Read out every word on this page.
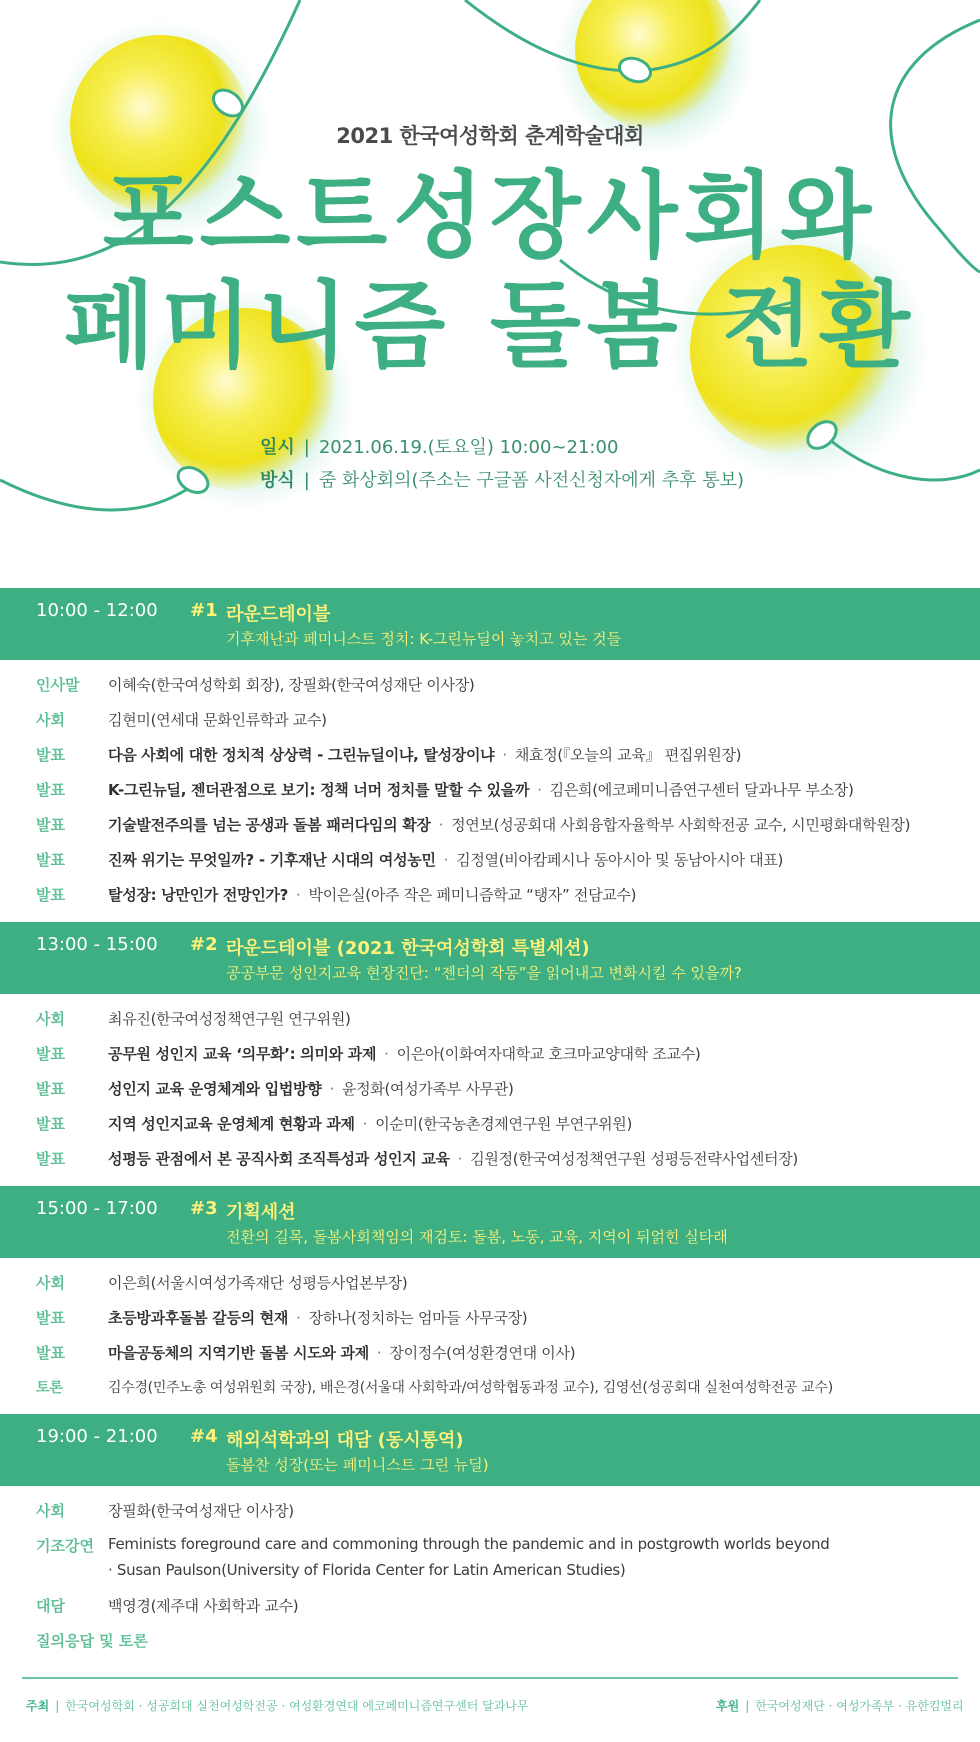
2021 한국여성학회 춘계학술대회
포스트성장사회와
페미니즘 돌봄 전환
일시 | 2021.06.19.(토요일) 10:00~21:00
방식 | 줌 화상회의(주소는 구글폼 사전신청자에게 추후 통보)
10:00 - 12:00 #1 라운드테이블
기후재난과 페미니스트 정치: K-그린뉴딜이 놓치고 있는 것들
인사말 이혜숙(한국여성학회 회장), 장필화(한국여성재단 이사장)
사회	김현미(연세대 문화인류학과 교수)
발표	다음 사회에 대한 정치적 상상력 - 그린뉴딜이냐, 탈성장이냐 · 채효정(『오늘의 교육』 편집위원장)
발표	K-그린뉴딜, 젠더관점으로 보기: 정책 너머 정치를 말할 수 있을까 · 김은희(에코페미니즘연구센터 달과나무 부소장)
발표	기술발전주의를 넘는 공생과 돌봄 패러다임의 확장 · 정연보(성공회대 사회융합자율학부 사회학전공 교수, 시민평화대학원장)
발표	진짜 위기는 무엇일까? - 기후재난 시대의 여성농민 · 김정열(비아캄페시나 동아시아 및 동남아시아 대표)
발표	탈성장: 낭만인가 전망인가? · 박이은실(아주 작은 페미니즘학교 “탱자” 전담교수)
13:00 - 15:00 #2 라운드테이블 (2021 한국여성학회 특별세션)
공공부문 성인지교육 현장진단: “젠더의 작동”을 읽어내고 변화시킬 수 있을까?
사회	최유진(한국여성정책연구원 연구위원)
발표	공무원 성인지 교육 ‘의무화’: 의미와 과제 · 이은아(이화여자대학교 호크마교양대학 조교수)
발표	성인지 교육 운영체계와 입법방향 · 윤정화(여성가족부 사무관)
발표	지역 성인지교육 운영체계 현황과 과제 · 이순미(한국농촌경제연구원 부연구위원)
발표	성평등 관점에서 본 공직사회 조직특성과 성인지 교육 · 김원정(한국여성정책연구원 성평등전략사업센터장)
15:00 - 17:00 #3 기획세션
전환의 길목, 돌봄사회책임의 재검토: 돌봄, 노동, 교육, 지역이 뒤얽힌 실타래
사회	이은희(서울시여성가족재단 성평등사업본부장)
발표	초등방과후돌봄 갈등의 현재 · 장하나(정치하는 엄마들 사무국장)
발표	마을공동체의 지역기반 돌봄 시도와 과제 · 장이정수(여성환경연대 이사)
토론	김수경(민주노총 여성위원회 국장), 배은경(서울대 사회학과/여성학협동과정 교수), 김영선(성공회대 실천여성학전공 교수)
19:00 - 21:00 #4 해외석학과의 대담 (동시통역)
돌봄찬 성장(또는 페미니스트 그린 뉴딜)
사회	장필화(한국여성재단 이사장)
기조강연 Feminists foreground care and commoning through the pandemic and in postgrowth worlds beyond
· Susan Paulson(University of Florida Center for Latin American Studies)
대담	백영경(제주대 사회학과 교수)
질의응답 및 토론
주최 | 한국여성학회 · 성공회대 실천여성학전공 · 여성환경연대 에코페미니즘연구센터 달과나무	후원 | 한국여성재단 · 여성가족부 · 유한킴벌리
